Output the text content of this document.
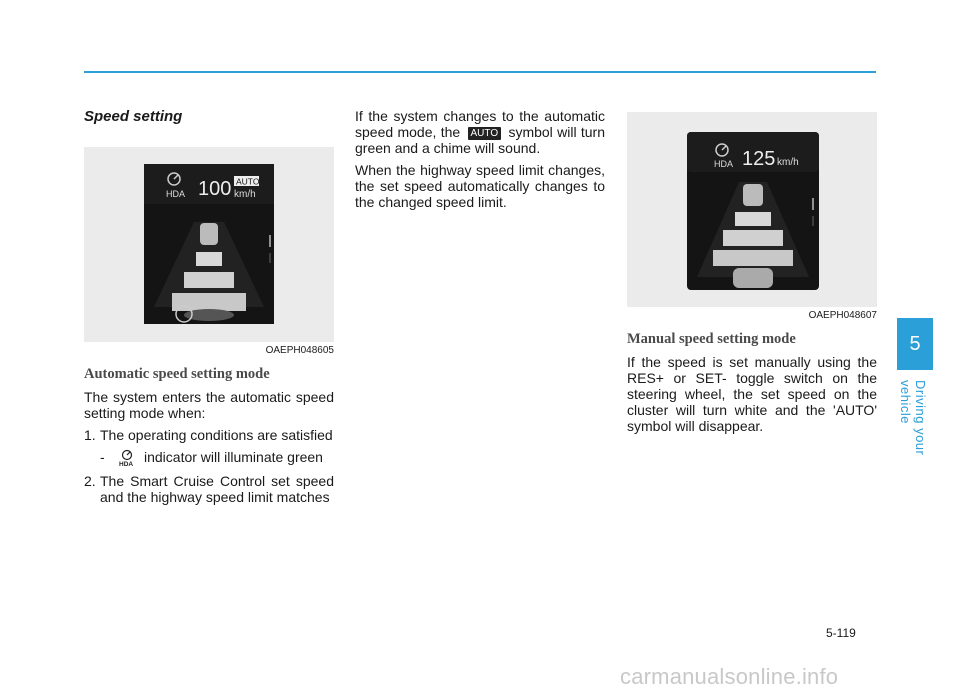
Speed setting
HDA 100 AUTO
km/h
OAEPH048605
Automatic speed setting mode
The system enters the automatic speed setting mode when:
1. The operating conditions are satisfied
-	HDA indicator will illuminate green
2. The Smart Cruise Control set speed and the highway speed limit matches
If the system changes to the automatic speed mode, the AUTO symbol will turn green and a chime will sound.
When the highway speed limit changes, the set speed automatically changes to the changed speed limit.
HDA 125 km/h
OAEPH048607
Manual speed setting mode
If the speed is set manually using the RES+ or SET- toggle switch on the steering wheel, the set speed on the cluster will turn white and the 'AUTO' symbol will disappear.
5
Driving your vehicle
5-119
carmanualsonline.info
